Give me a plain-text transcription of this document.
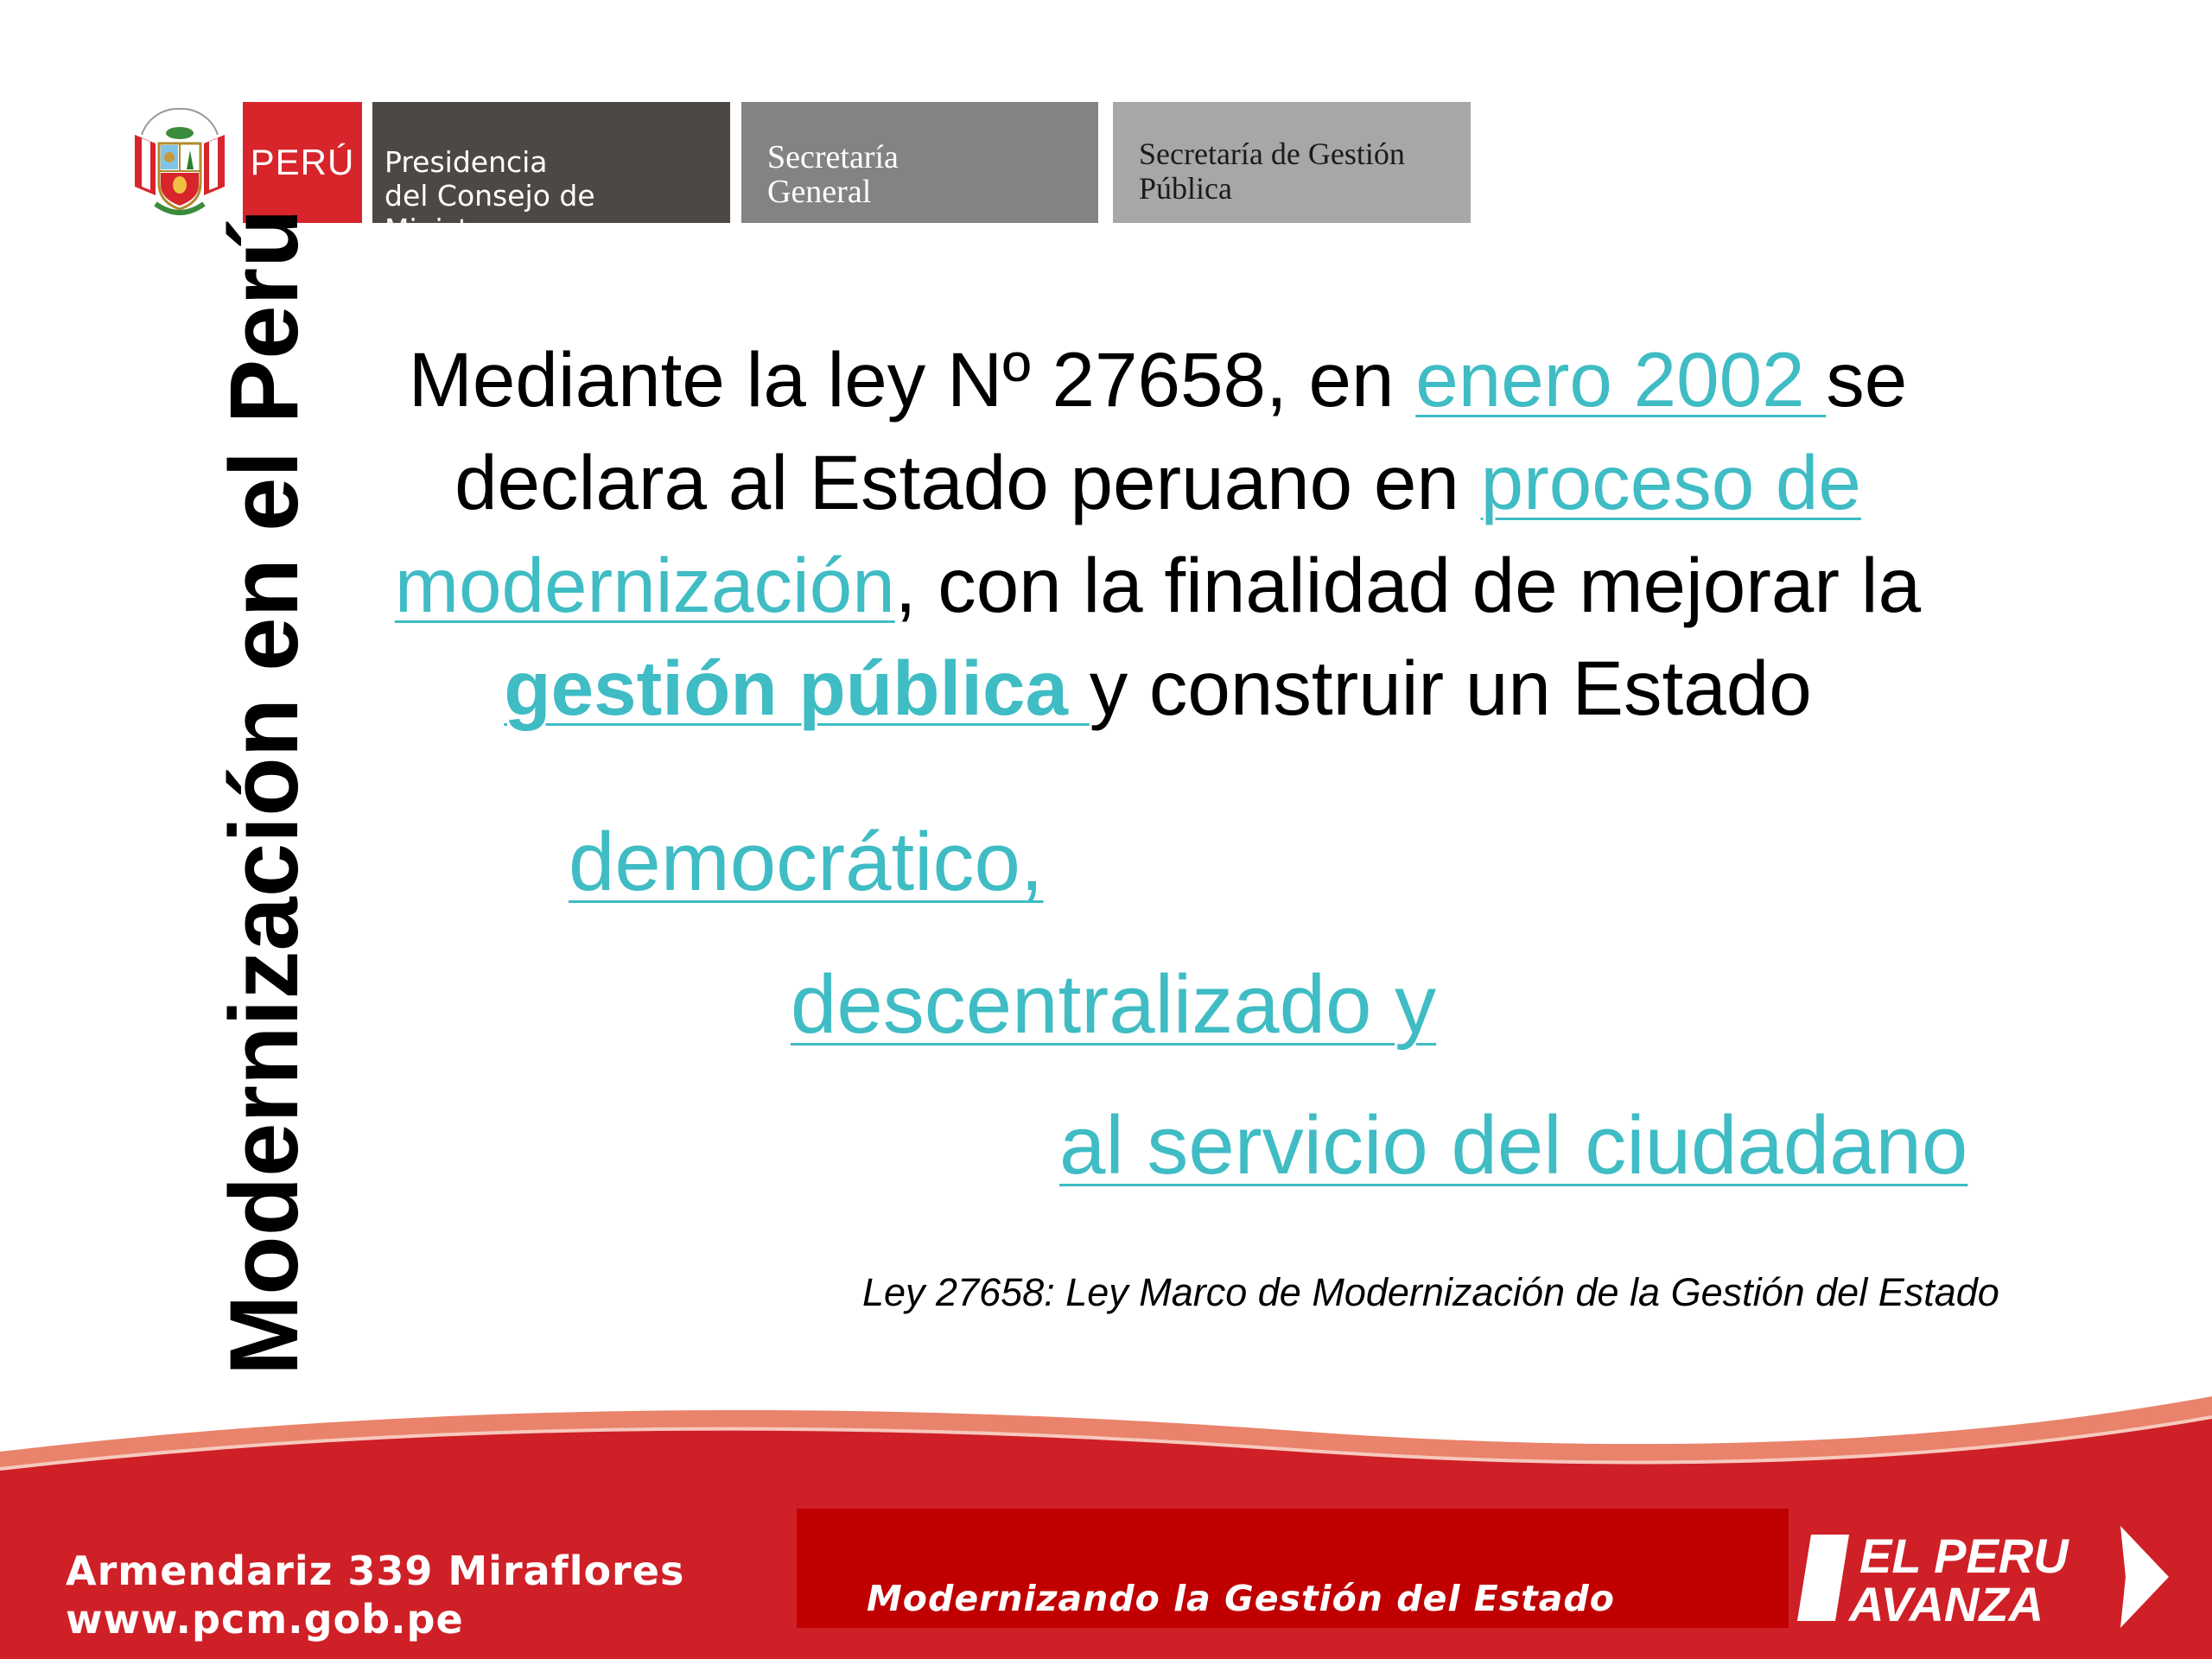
PERÚ Presidencia
del Consejo de Ministros
Secretaría
General
Secretaría de Gestión
Pública
Modernización en el Perú	Mediante la ley Nº 27658, en enero 2002 se
declara al Estado peruano en proceso de
modernización, con la finalidad de mejorar la
gestión pública y construir un Estado
democrático,
descentralizado y
al servicio del ciudadano
Ley 27658: Ley Marco de Modernización de la Gestión del Estado
Armendariz 339 Miraflores
www.pcm.gob.pe	Modernizando la Gestión del Estado
EL PERU
AVANZA
